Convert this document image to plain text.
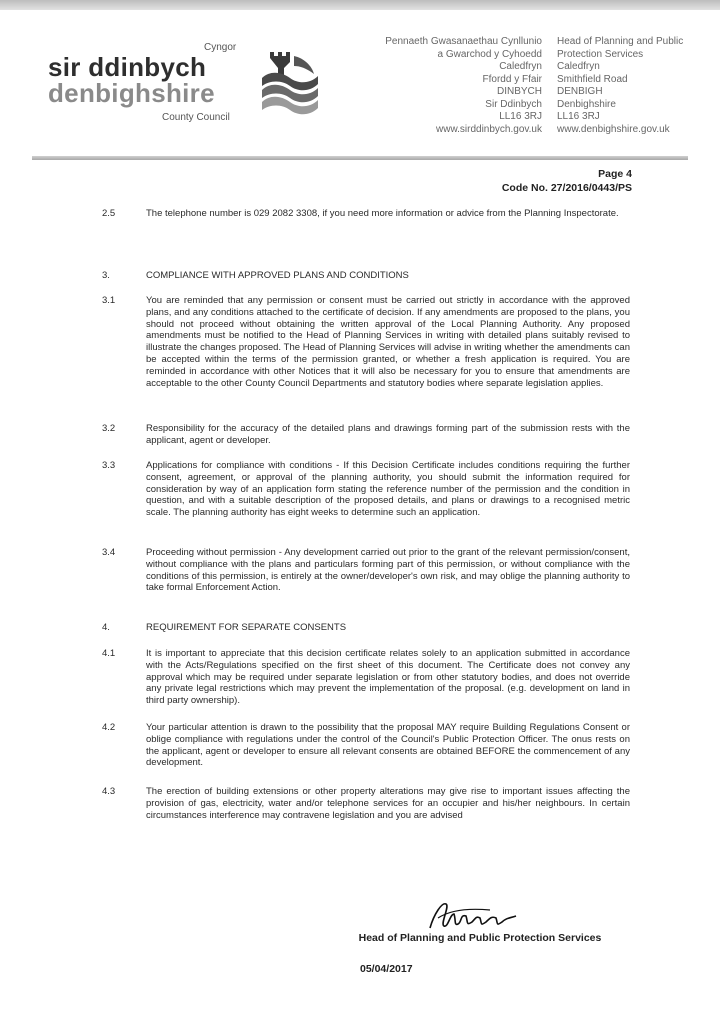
Cyngor
sir ddinbych
denbighshire
County Council
Pennaeth Gwasanaethau Cynllunio
a Gwarchod y Cyhoedd
Caledfryn
Ffordd y Ffair
DINBYCH
Sir Ddinbych
LL16 3RJ
www.sirddinbych.gov.uk
Head of Planning and Public
Protection Services
Caledfryn
Smithfield Road
DENBIGH
Denbighshire
LL16 3RJ
www.denbighshire.gov.uk
Page 4
Code No. 27/2016/0443/PS
2.5	The telephone number is 029 2082 3308, if you need more information or advice from the Planning Inspectorate.
3.	COMPLIANCE WITH APPROVED PLANS AND CONDITIONS
3.1	You are reminded that any permission or consent must be carried out strictly in accordance with the approved plans, and any conditions attached to the certificate of decision. If any amendments are proposed to the plans, you should not proceed without obtaining the written approval of the Local Planning Authority. Any proposed amendments must be notified to the Head of Planning Services in writing with detailed plans suitably revised to illustrate the changes proposed. The Head of Planning Services will advise in writing whether the amendments can be accepted within the terms of the permission granted, or whether a fresh application is required. You are reminded in accordance with other Notices that it will also be necessary for you to ensure that amendments are acceptable to the other County Council Departments and statutory bodies where separate legislation applies.
3.2	Responsibility for the accuracy of the detailed plans and drawings forming part of the submission rests with the applicant, agent or developer.
3.3	Applications for compliance with conditions - If this Decision Certificate includes conditions requiring the further consent, agreement, or approval of the planning authority, you should submit the information required for consideration by way of an application form stating the reference number of the permission and the condition in question, and with a suitable description of the proposed details, and plans or drawings to a recognised metric scale. The planning authority has eight weeks to determine such an application.
3.4	Proceeding without permission - Any development carried out prior to the grant of the relevant permission/consent, without compliance with the plans and particulars forming part of this permission, or without compliance with the conditions of this permission, is entirely at the owner/developer's own risk, and may oblige the planning authority to take formal Enforcement Action.
4.	REQUIREMENT FOR SEPARATE CONSENTS
4.1	It is important to appreciate that this decision certificate relates solely to an application submitted in accordance with the Acts/Regulations specified on the first sheet of this document. The Certificate does not convey any approval which may be required under separate legislation or from other statutory bodies, and does not override any private legal restrictions which may prevent the implementation of the proposal. (e.g. development on land in third party ownership).
4.2	Your particular attention is drawn to the possibility that the proposal MAY require Building Regulations Consent or oblige compliance with regulations under the control of the Council's Public Protection Officer. The onus rests on the applicant, agent or developer to ensure all relevant consents are obtained BEFORE the commencement of any development.
4.3	The erection of building extensions or other property alterations may give rise to important issues affecting the provision of gas, electricity, water and/or telephone services for an occupier and his/her neighbours. In certain circumstances interference may contravene legislation and you are advised
Head of Planning and Public Protection Services
05/04/2017
